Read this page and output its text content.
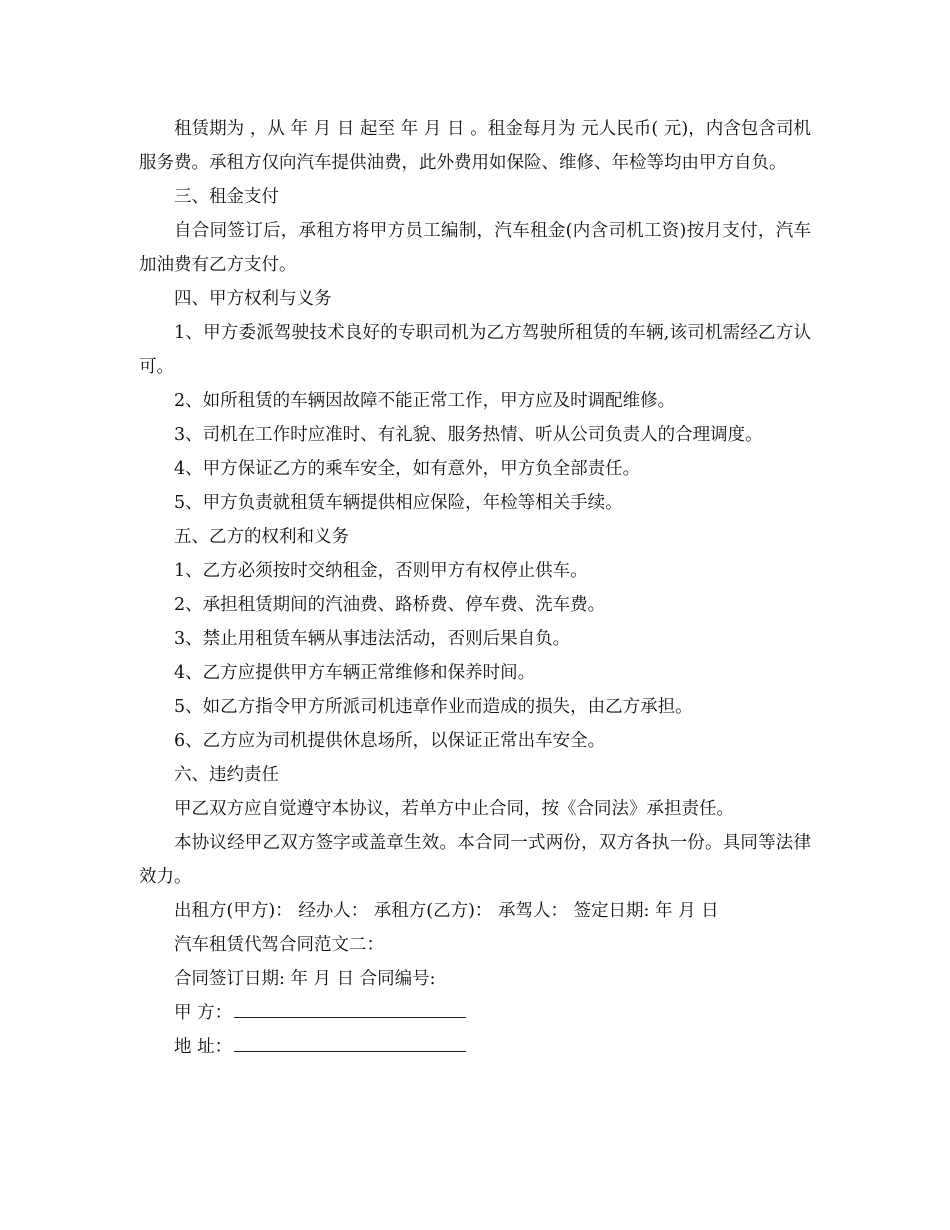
租赁期为 ，从 年 月 日 起至 年 月 日 。租金每月为 元人民币( 元)，内含包含司机服务费。承租方仅向汽车提供油费，此外费用如保险、维修、年检等均由甲方自负。

三、租金支付

自合同签订后，承租方将甲方员工编制，汽车租金(内含司机工资)按月支付，汽车加油费有乙方支付。

四、甲方权利与义务

1、甲方委派驾驶技术良好的专职司机为乙方驾驶所租赁的车辆,该司机需经乙方认可。

2、如所租赁的车辆因故障不能正常工作，甲方应及时调配维修。

3、司机在工作时应准时、有礼貌、服务热情、听从公司负责人的合理调度。

4、甲方保证乙方的乘车安全，如有意外，甲方负全部责任。

5、甲方负责就租赁车辆提供相应保险，年检等相关手续。

五、乙方的权利和义务

1、乙方必须按时交纳租金，否则甲方有权停止供车。

2、承担租赁期间的汽油费、路桥费、停车费、洗车费。

3、禁止用租赁车辆从事违法活动，否则后果自负。

4、乙方应提供甲方车辆正常维修和保养时间。

5、如乙方指令甲方所派司机违章作业而造成的损失，由乙方承担。

6、乙方应为司机提供休息场所，以保证正常出车安全。

六、违约责任

甲乙双方应自觉遵守本协议，若单方中止合同，按《合同法》承担责任。

本协议经甲乙双方签字或盖章生效。本合同一式两份，双方各执一份。具同等法律效力。

出租方(甲方)： 经办人： 承租方(乙方)： 承驾人： 签定日期: 年 月 日

汽车租赁代驾合同范文二：

合同签订日期: 年 月 日 合同编号:

甲 方：
地 址：
